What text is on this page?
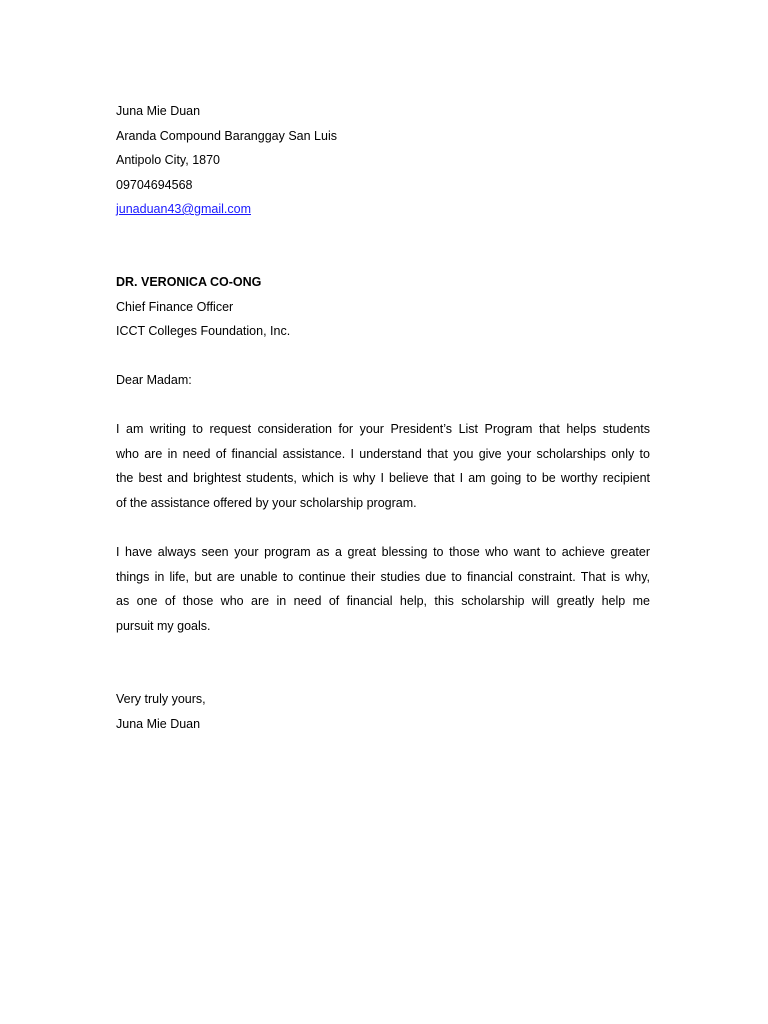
Juna Mie Duan

Aranda Compound Baranggay San Luis

Antipolo City, 1870

09704694568

junaduan43@gmail.com

DR. VERONICA CO-ONG

Chief Finance Officer

ICCT Colleges Foundation, Inc.

Dear Madam:

I am writing to request consideration for your President’s List Program that helps students

who are in need of financial assistance. I understand that you give your scholarships only to

the best and brightest students, which is why I believe that I am going to be worthy recipient

of the assistance offered by your scholarship program.

I have always seen your program as a great blessing to those who want to achieve greater

things in life, but are unable to continue their studies due to financial constraint. That is why,

as one of those who are in need of financial help, this scholarship will greatly help me

pursuit my goals.

Very truly yours,

Juna Mie Duan
